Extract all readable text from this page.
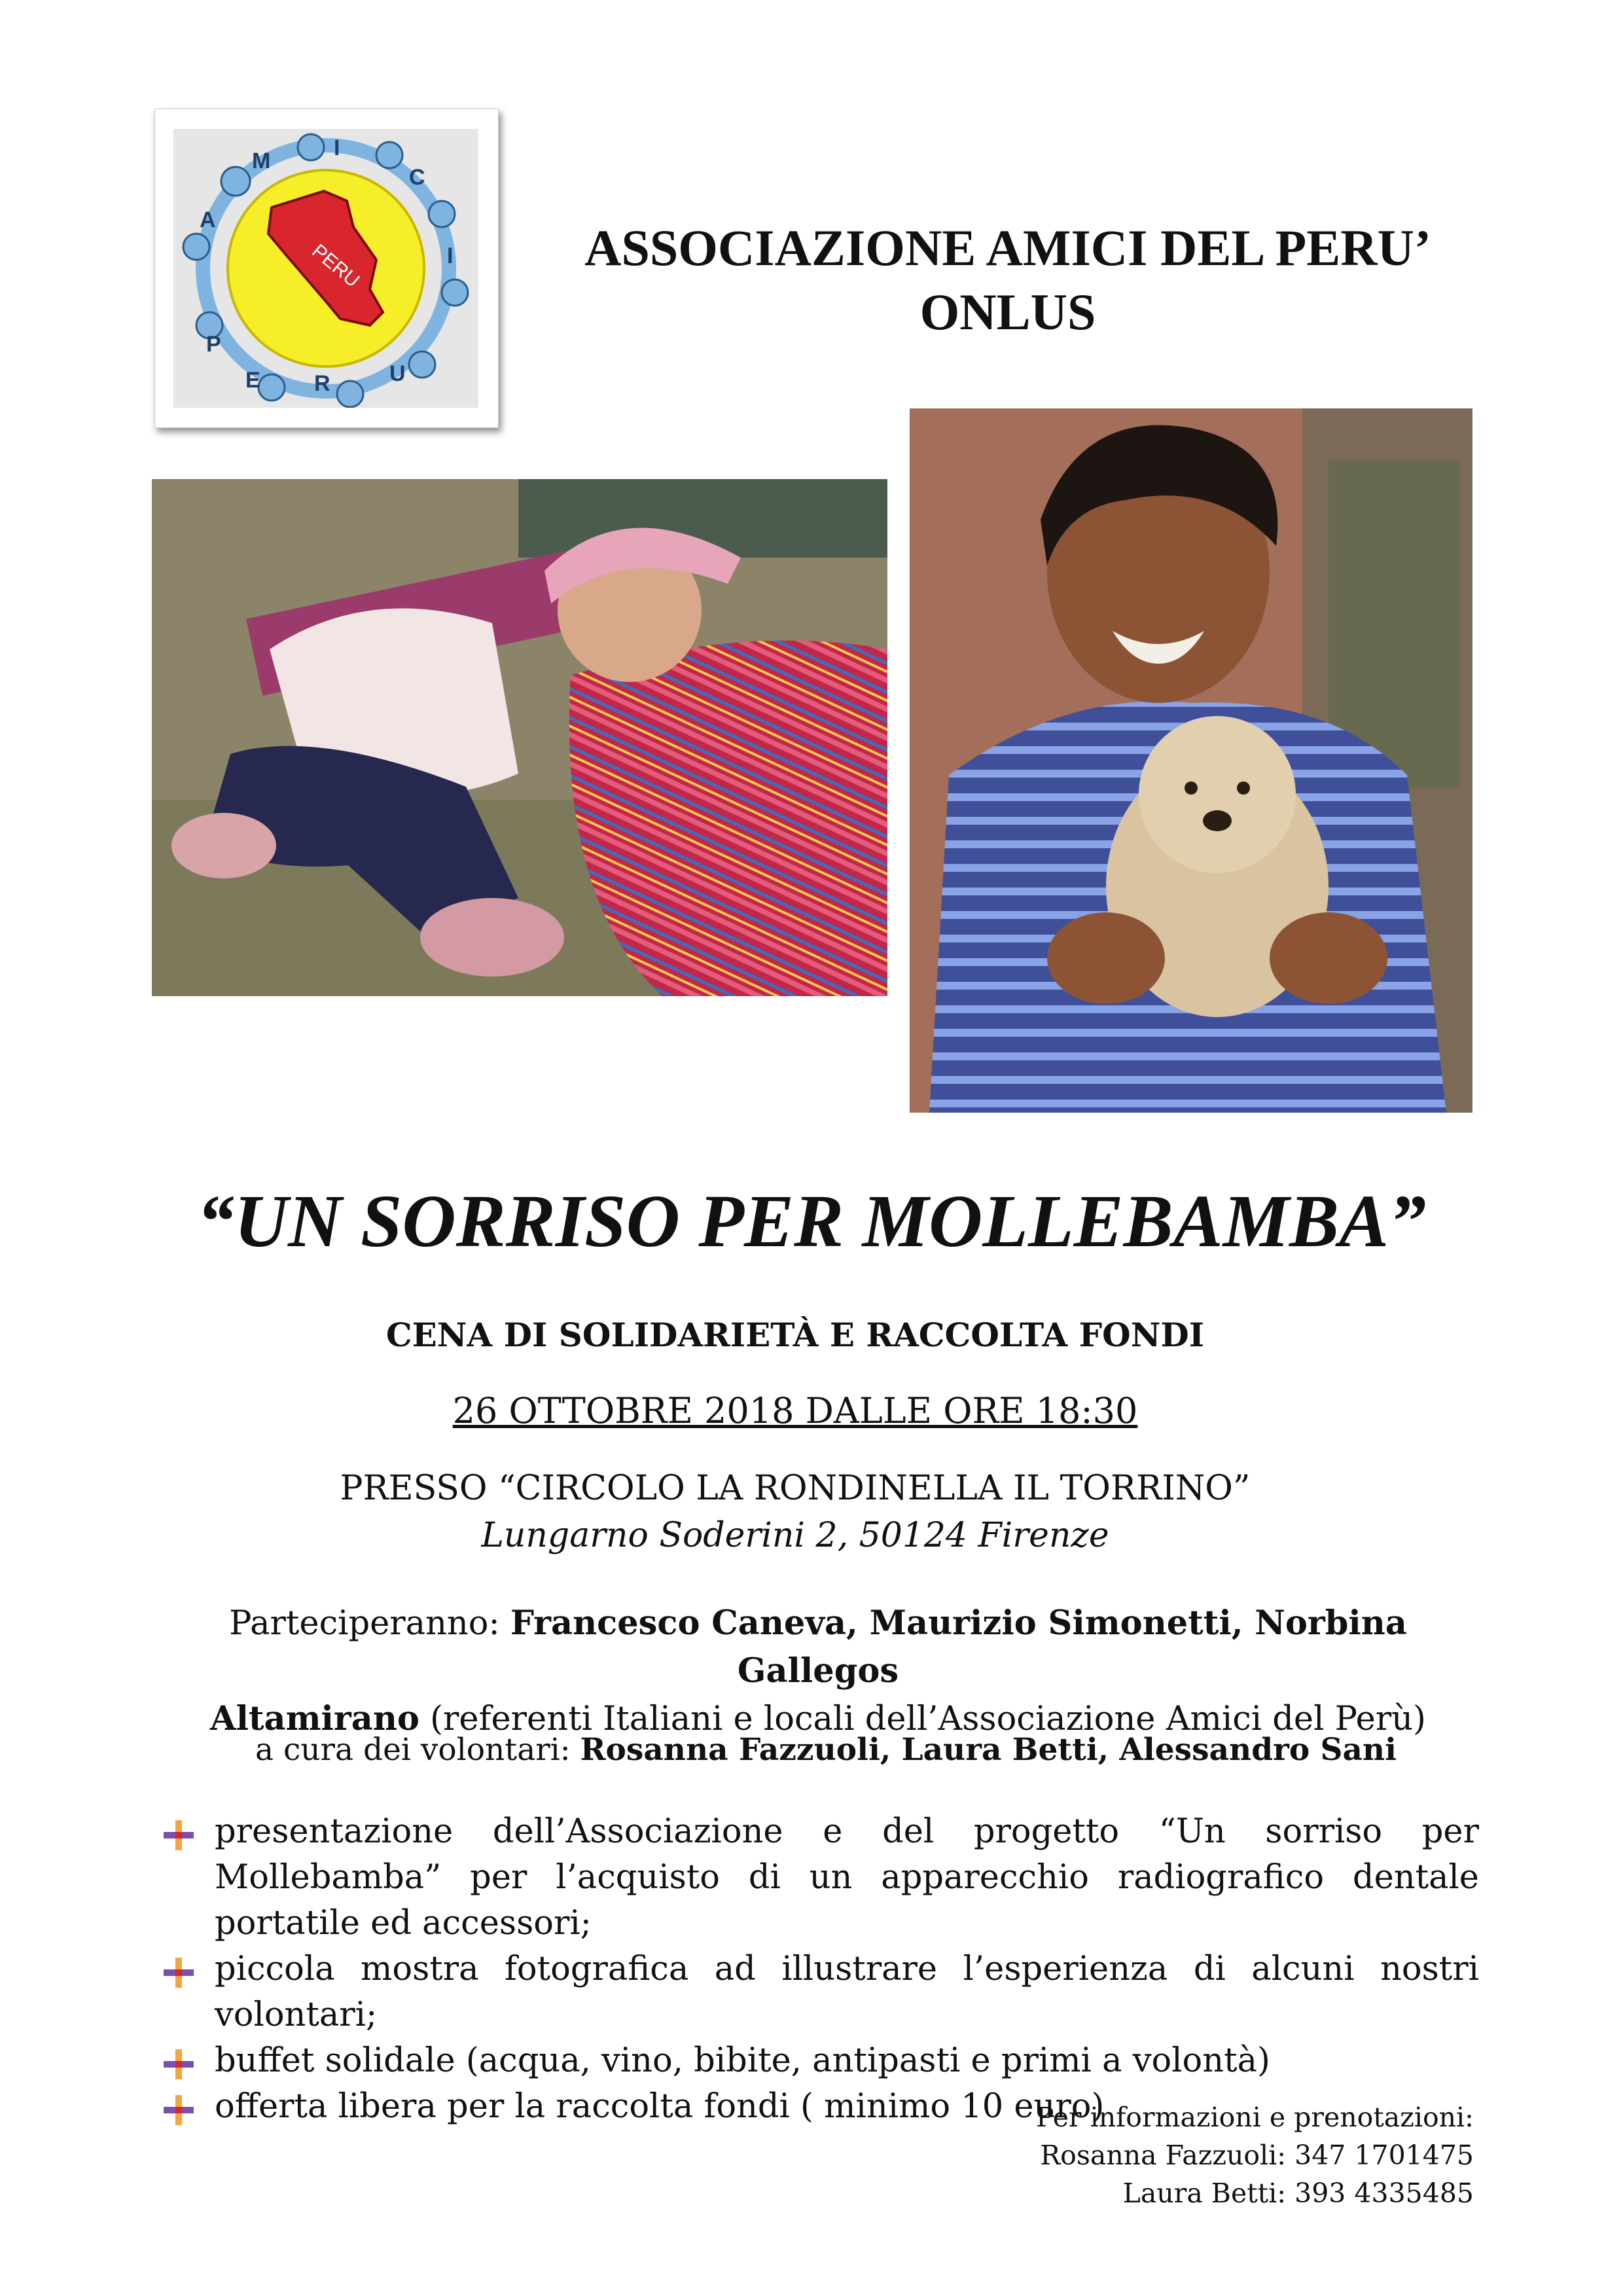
PERU
A
M
I
C
I
P
E R	U
ASSOCIAZIONE AMICI DEL PERU’
ONLUS
“UN SORRISO PER MOLLEBAMBA”
CENA DI SOLIDARIETÀ E RACCOLTA FONDI
26 OTTOBRE 2018 DALLE ORE 18:30
PRESSO “CIRCOLO LA RONDINELLA IL TORRINO”
Lungarno Soderini 2, 50124 Firenze
Parteciperanno: Francesco Caneva, Maurizio Simonetti, Norbina Gallegos
Altamirano (referenti Italiani e locali dell’Associazione Amici del Perù)
a cura dei volontari: Rosanna Fazzuoli, Laura Betti, Alessandro Sani
presentazione dell’Associazione e del progetto “Un sorriso per Mollebamba” per l’acquisto di un apparecchio radiografico dentale portatile ed accessori;
piccola mostra fotografica ad illustrare l’esperienza di alcuni nostri volontari;
buffet solidale (acqua, vino, bibite, antipasti e primi a volontà)
offerta libera per la raccolta fondi ( minimo 10 euro)
Per informazioni e prenotazioni:
Rosanna Fazzuoli: 347 1701475
Laura Betti: 393 4335485
